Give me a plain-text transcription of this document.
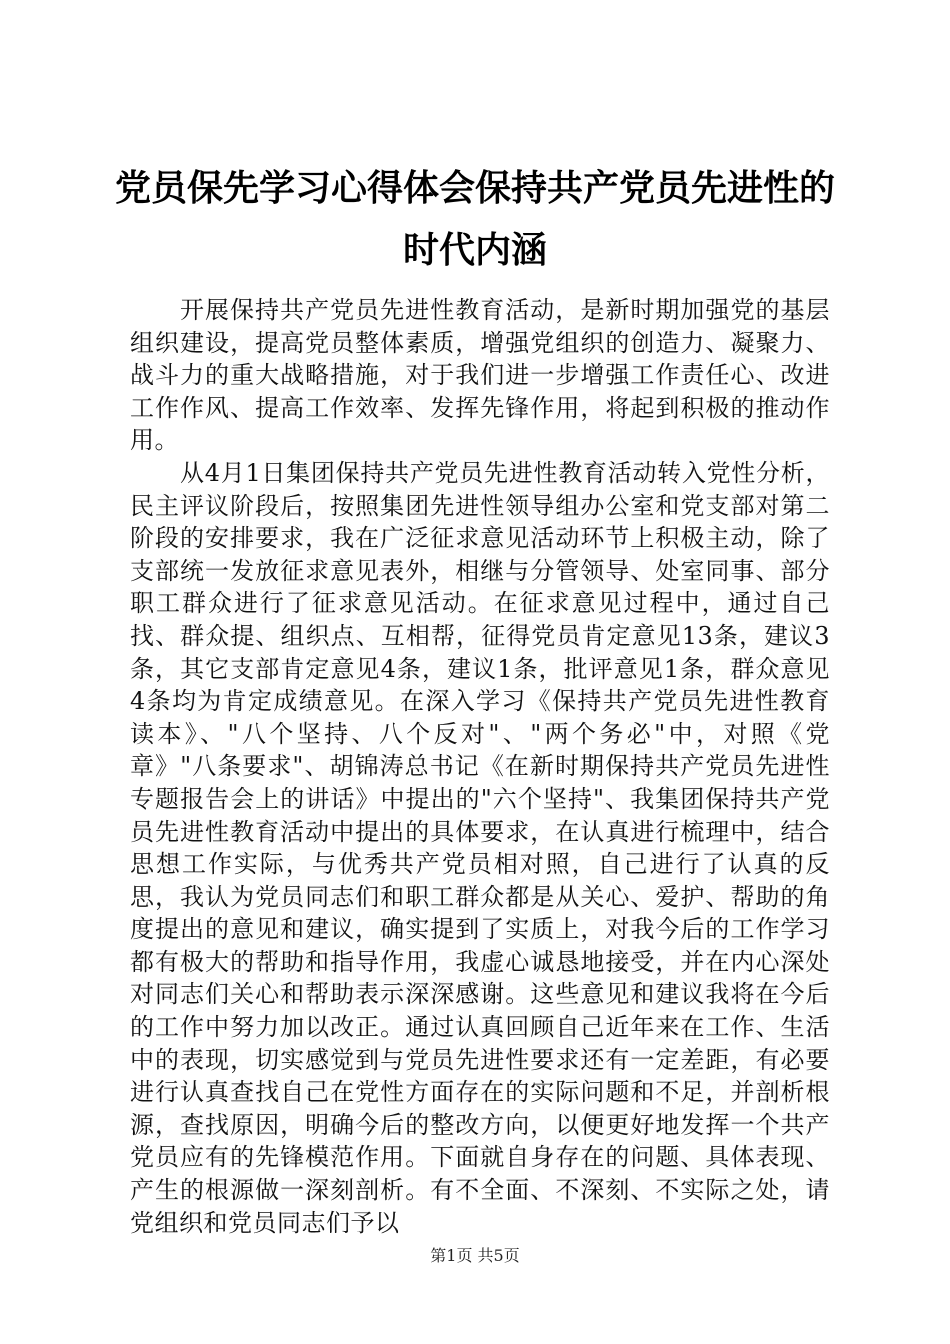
党员保先学习心得体会保持共产党员先进性的
时代内涵

开展保持共产党员先进性教育活动，是新时期加强党的基层组织建设，提高党员整体素质，增强党组织的创造力、凝聚力、战斗力的重大战略措施，对于我们进一步增强工作责任心、改进工作作风、提高工作效率、发挥先锋作用，将起到积极的推动作用。

从4月1日集团保持共产党员先进性教育活动转入党性分析，民主评议阶段后，按照集团先进性领导组办公室和党支部对第二阶段的安排要求，我在广泛征求意见活动环节上积极主动，除了支部统一发放征求意见表外，相继与分管领导、处室同事、部分职工群众进行了征求意见活动。在征求意见过程中，通过自己找、群众提、组织点、互相帮，征得党员肯定意见13条，建议3条，其它支部肯定意见4条，建议1条，批评意见1条，群众意见4条均为肯定成绩意见。在深入学习《保持共产党员先进性教育读本》、"八个坚持、八个反对"、"两个务必"中，对照《党章》"八条要求"、胡锦涛总书记《在新时期保持共产党员先进性专题报告会上的讲话》中提出的"六个坚持"、我集团保持共产党员先进性教育活动中提出的具体要求，在认真进行梳理中，结合思想工作实际，与优秀共产党员相对照，自己进行了认真的反思，我认为党员同志们和职工群众都是从关心、爱护、帮助的角度提出的意见和建议，确实提到了实质上，对我今后的工作学习都有极大的帮助和指导作用，我虚心诚恳地接受，并在内心深处对同志们关心和帮助表示深深感谢。这些意见和建议我将在今后的工作中努力加以改正。通过认真回顾自己近年来在工作、生活中的表现，切实感觉到与党员先进性要求还有一定差距，有必要进行认真查找自己在党性方面存在的实际问题和不足，并剖析根源，查找原因，明确今后的整改方向，以便更好地发挥一个共产党员应有的先锋模范作用。下面就自身存在的问题、具体表现、产生的根源做一深刻剖析。有不全面、不深刻、不实际之处，请党组织和党员同志们予以

第1页 共5页
